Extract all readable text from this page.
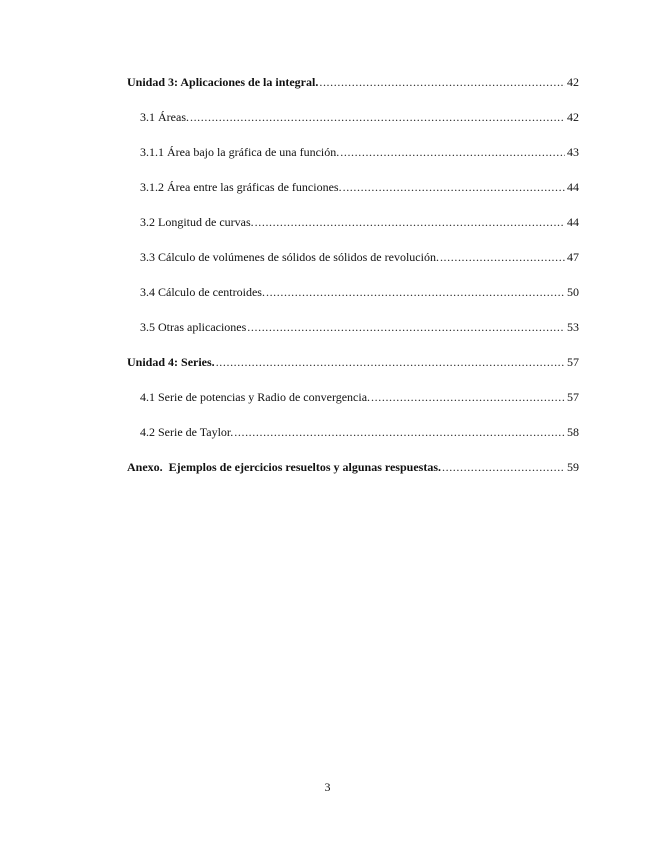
Unidad 3: Aplicaciones de la integral. .....	42
3.1 Áreas. .....	42
3.1.1 Área bajo la gráfica de una función. .....	43
3.1.2 Área entre las gráficas de funciones. .....	44
3.2 Longitud de curvas. .....	44
3.3 Cálculo de volúmenes de sólidos de sólidos de revolución. .....	47
3.4 Cálculo de centroides. .....	50
3.5 Otras aplicaciones .....	53
Unidad 4: Series. .....	57
4.1 Serie de potencias y Radio de convergencia. .....	57
4.2 Serie de Taylor. .....	58
Anexo.  Ejemplos de ejercicios resueltos y algunas respuestas. .....	59
3
